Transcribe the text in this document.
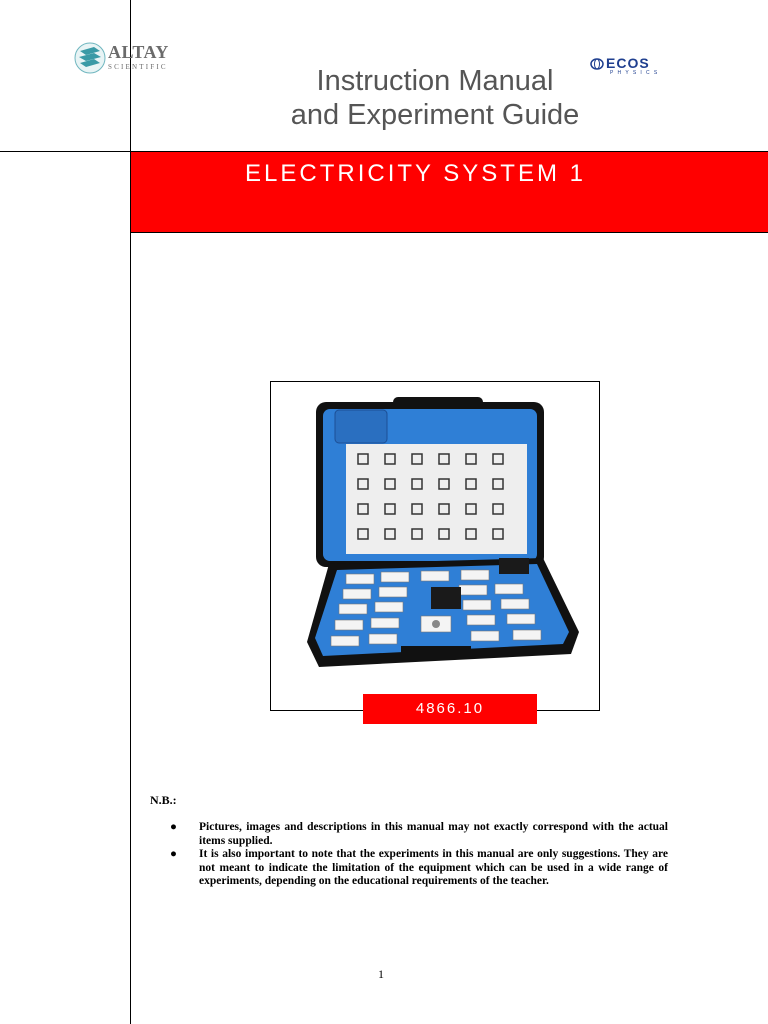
ALTAY
SCIENTIFIC	ECOS
PHYSICS
Instruction Manual
and Experiment Guide
ELECTRICITY SYSTEM 1
4866.10
N.B.:
● Pictures, images and descriptions in this manual may not exactly correspond with the actual items supplied.
● It is also important to note that the experiments in this manual are only suggestions. They are not meant to indicate the limitation of the equipment which can be used in a wide range of experiments, depending on the educational requirements of the teacher.
1
